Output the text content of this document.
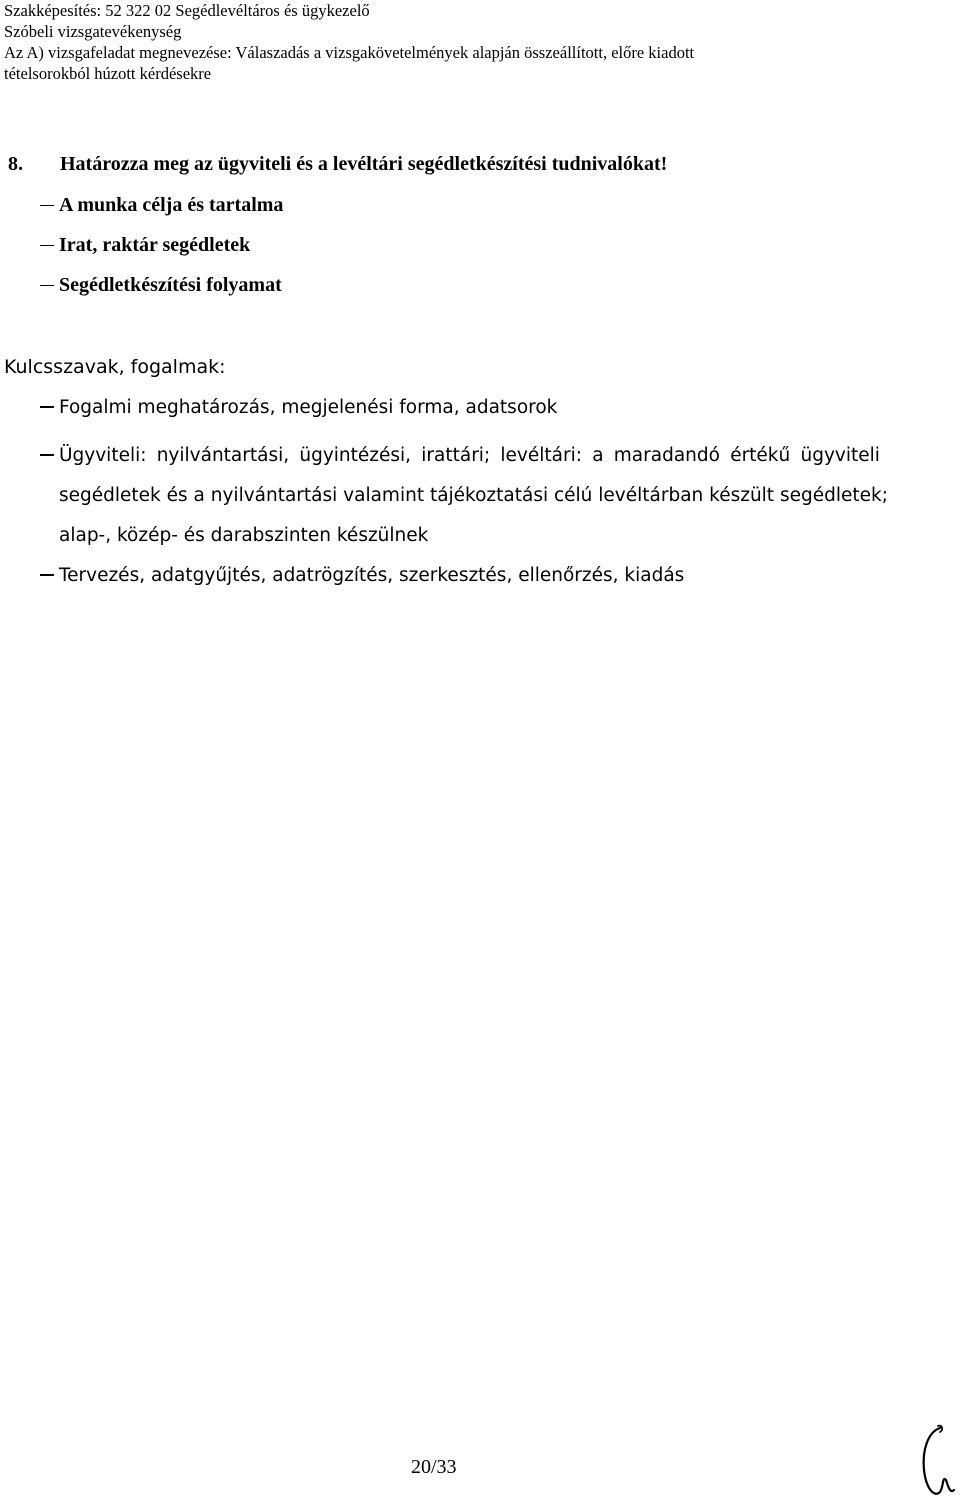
Szakképesítés: 52 322 02 Segédlevéltáros és ügykezelő
Szóbeli vizsgatevékenység
Az A) vizsgafeladat megnevezése: Válaszadás a vizsgakövetelmények alapján összeállított, előre kiadott
tételsorokból húzott kérdésekre
8. Határozza meg az ügyviteli és a levéltári segédletkészítési tudnivalókat!
A munka célja és tartalma
Irat, raktár segédletek
Segédletkészítési folyamat
Kulcsszavak, fogalmak:
Fogalmi meghatározás, megjelenési forma, adatsorok
Ügyviteli: nyilvántartási, ügyintézési, irattári; levéltári: a maradandó értékű ügyviteli
segédletek és a nyilvántartási valamint tájékoztatási célú levéltárban készült segédletek;
alap-, közép- és darabszinten készülnek
Tervezés, adatgyűjtés, adatrögzítés, szerkesztés, ellenőrzés, kiadás
20/33
